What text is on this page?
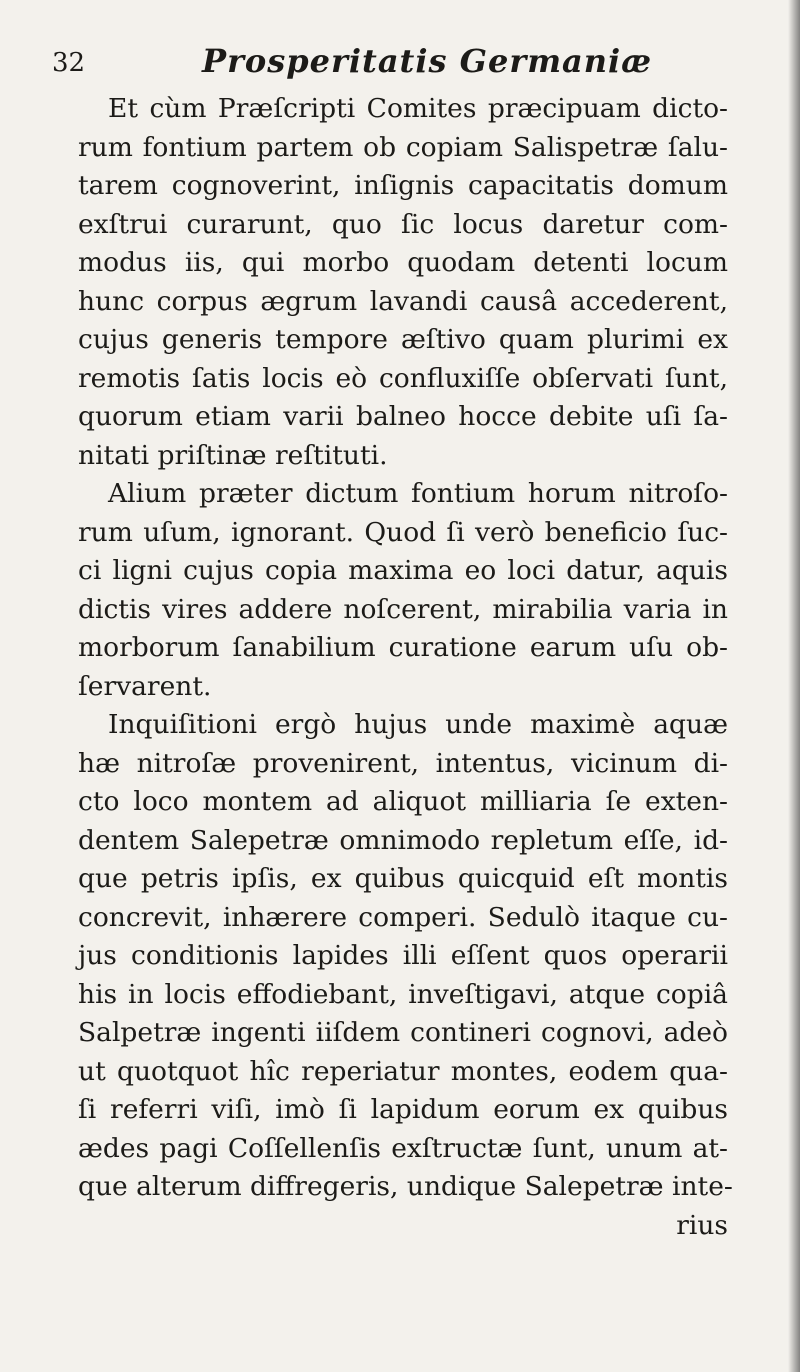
32	Prosperitatis Germaniæ
Et cùm Præſcripti Comites præcipuam dicto-
rum fontium partem ob copiam Salispetræ ſalu-
tarem cognoverint, inſignis capacitatis domum
exſtrui curarunt, quo ſic locus daretur com-
modus iis, qui morbo quodam detenti locum
hunc corpus ægrum lavandi causâ accederent,
cujus generis tempore æſtivo quam plurimi ex
remotis ſatis locis eò confluxiſſe obſervati ſunt,
quorum etiam varii balneo hocce debite uſi ſa-
nitati priſtinæ reſtituti.
Alium præter dictum fontium horum nitroſo-
rum uſum, ignorant. Quod ſi verò beneficio ſuc-
ci ligni cujus copia maxima eo loci datur, aquis
dictis vires addere noſcerent, mirabilia varia in
morborum ſanabilium curatione earum uſu ob-
ſervarent.
Inquiſitioni ergò hujus unde maximè aquæ
hæ nitroſæ provenirent, intentus, vicinum di-
cto loco montem ad aliquot milliaria ſe exten-
dentem Salepetræ omnimodo repletum eſſe, id-
que petris ipſis, ex quibus quicquid eſt montis
concrevit, inhærere comperi. Sedulò itaque cu-
jus conditionis lapides illi eſſent quos operarii
his in locis effodiebant, inveſtigavi, atque copiâ
Salpetræ ingenti iiſdem contineri cognovi, adeò
ut quotquot hîc reperiatur montes, eodem qua-
ſi referri viſi, imò ſi lapidum eorum ex quibus
ædes pagi Coſſellenſis exſtructæ ſunt, unum at-
que alterum diffregeris, undique Salepetræ inte-
rius
